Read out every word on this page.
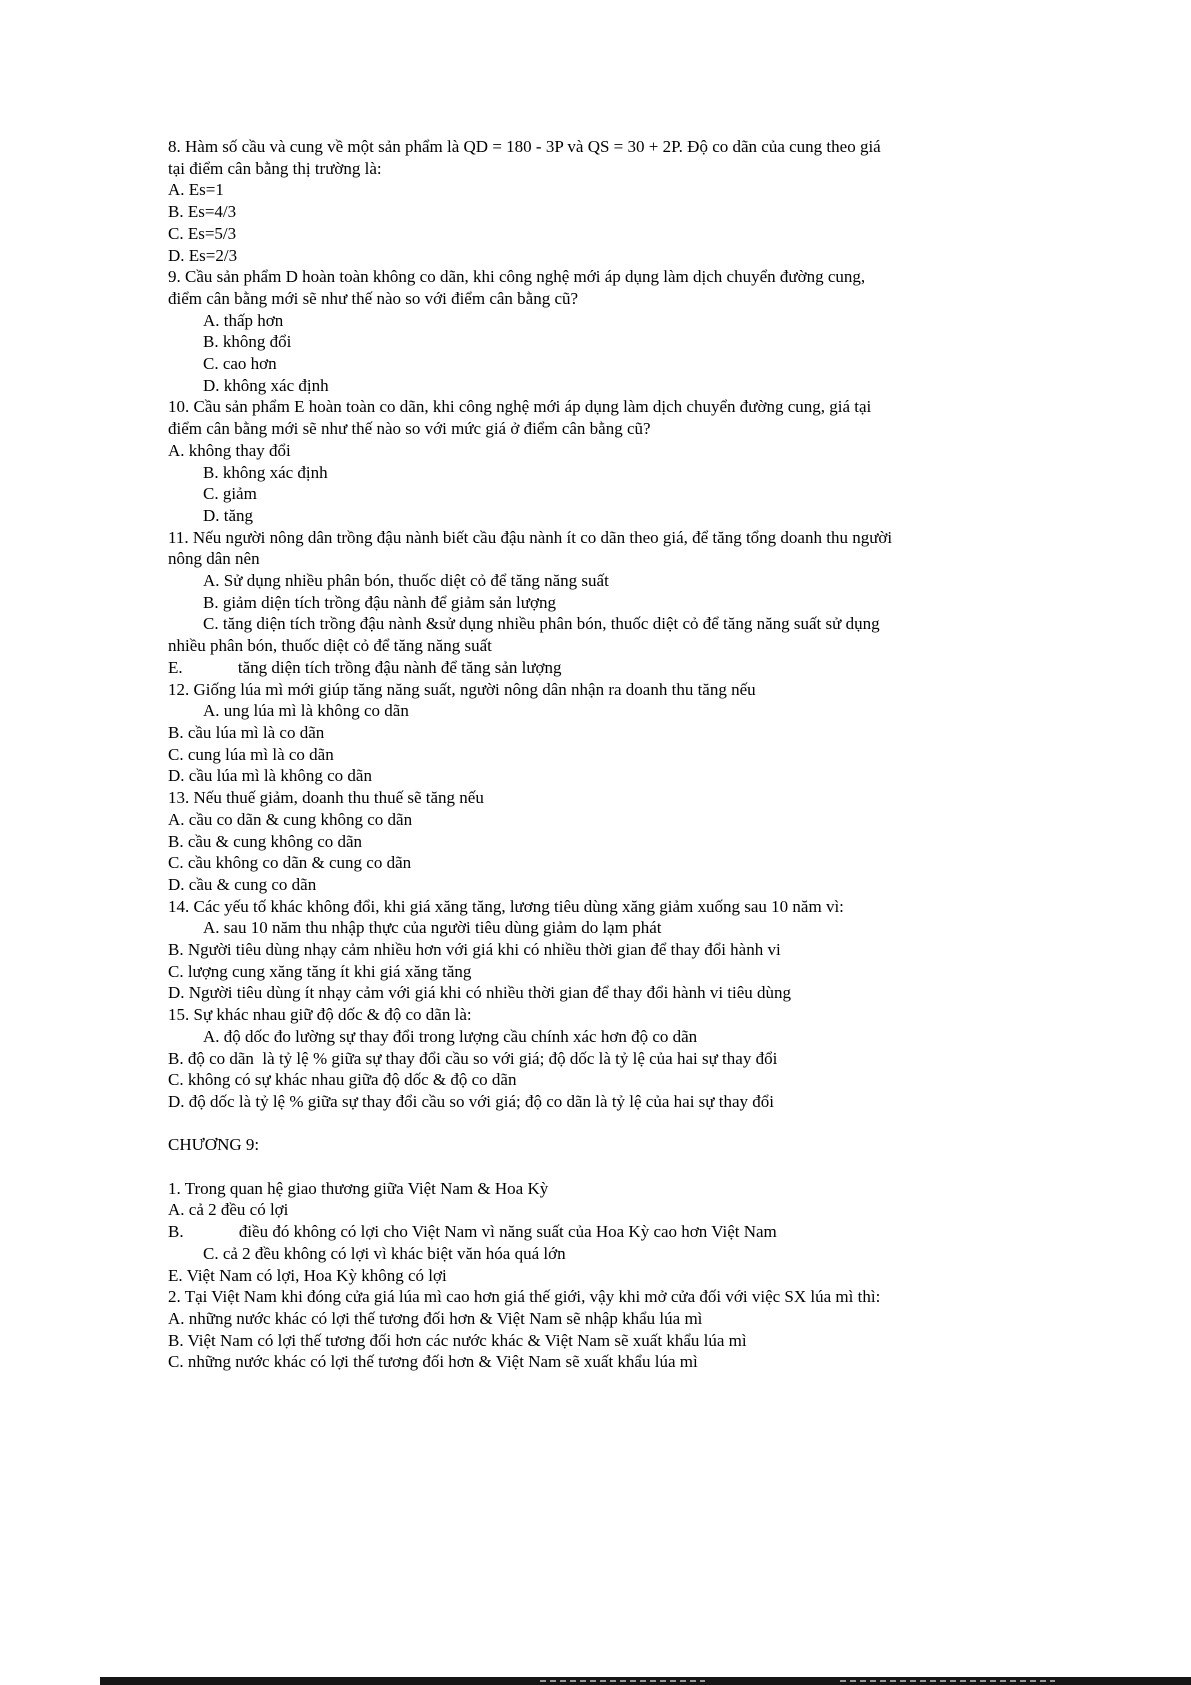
8. Hàm số cầu và cung về một sản phẩm là QD = 180 - 3P và QS = 30 + 2P. Độ co dãn của cung theo giá tại điểm cân bằng thị trường là:

A. Es=1

B. Es=4/3

C. Es=5/3

D. Es=2/3

9. Cầu sản phẩm D hoàn toàn không co dãn, khi công nghệ mới áp dụng làm dịch chuyển đường cung, điểm cân bằng mới sẽ như thế nào so với điểm cân bằng cũ?

A. thấp hơn

B. không đổi

C. cao hơn

D. không xác định

10. Cầu sản phẩm E hoàn toàn co dãn, khi công nghệ mới áp dụng làm dịch chuyển đường cung, giá tại điểm cân bằng mới sẽ như thế nào so với mức giá ở điểm cân bằng cũ?

A. không thay đổi

B. không xác định

C. giảm

D. tăng

11. Nếu người nông dân trồng đậu nành biết cầu đậu nành ít co dãn theo giá, để tăng tổng doanh thu người nông dân nên

A. Sử dụng nhiều phân bón, thuốc diệt cỏ để tăng năng suất

B. giảm diện tích trồng đậu nành để giảm sản lượng

C. tăng diện tích trồng đậu nành &sử dụng nhiều phân bón, thuốc diệt cỏ để tăng năng suất sử dụng nhiều phân bón, thuốc diệt cỏ để tăng năng suất

E.             tăng diện tích trồng đậu nành để tăng sản lượng

12. Giống lúa mì mới giúp tăng năng suất, người nông dân nhận ra doanh thu tăng nếu

A. ung lúa mì là không co dãn

B. cầu lúa mì là co dãn

C. cung lúa mì là co dãn

D. cầu lúa mì là không co dãn

13. Nếu thuế giảm, doanh thu thuế sẽ tăng nếu

A. cầu co dãn & cung không co dãn

B. cầu & cung không co dãn

C. cầu không co dãn & cung co dãn

D. cầu & cung co dãn

14. Các yếu tố khác không đổi, khi giá xăng tăng, lương tiêu dùng xăng giảm xuống sau 10 năm vì:

A. sau 10 năm thu nhập thực của người tiêu dùng giảm do lạm phát

B. Người tiêu dùng nhạy cảm nhiều hơn với giá khi có nhiều thời gian để thay đổi hành vi

C. lượng cung xăng tăng ít khi giá xăng tăng

D. Người tiêu dùng ít nhạy cảm với giá khi có nhiều thời gian để thay đổi hành vi tiêu dùng

15. Sự khác nhau giữ độ dốc & độ co dãn là:

A. độ dốc đo lường sự thay đổi trong lượng cầu chính xác hơn độ co dãn

B. độ co dãn  là tỷ lệ % giữa sự thay đổi cầu so với giá; độ dốc là tỷ lệ của hai sự thay đổi

C. không có sự khác nhau giữa độ dốc & độ co dãn

D. độ dốc là tỷ lệ % giữa sự thay đổi cầu so với giá; độ co dãn là tỷ lệ của hai sự thay đổi

CHƯƠNG 9:

1. Trong quan hệ giao thương giữa Việt Nam & Hoa Kỳ

A. cả 2 đều có lợi

B.             điều đó không có lợi cho Việt Nam vì năng suất của Hoa Kỳ cao hơn Việt Nam

C. cả 2 đều không có lợi vì khác biệt văn hóa quá lớn

E. Việt Nam có lợi, Hoa Kỳ không có lợi

2. Tại Việt Nam khi đóng cửa giá lúa mì cao hơn giá thế giới, vậy khi mở cửa đối với việc SX lúa mì thì:

A. những nước khác có lợi thế tương đối hơn & Việt Nam sẽ nhập khẩu lúa mì

B. Việt Nam có lợi thế tương đối hơn các nước khác & Việt Nam sẽ xuất khẩu lúa mì

C. những nước khác có lợi thế tương đối hơn & Việt Nam sẽ xuất khẩu lúa mì
